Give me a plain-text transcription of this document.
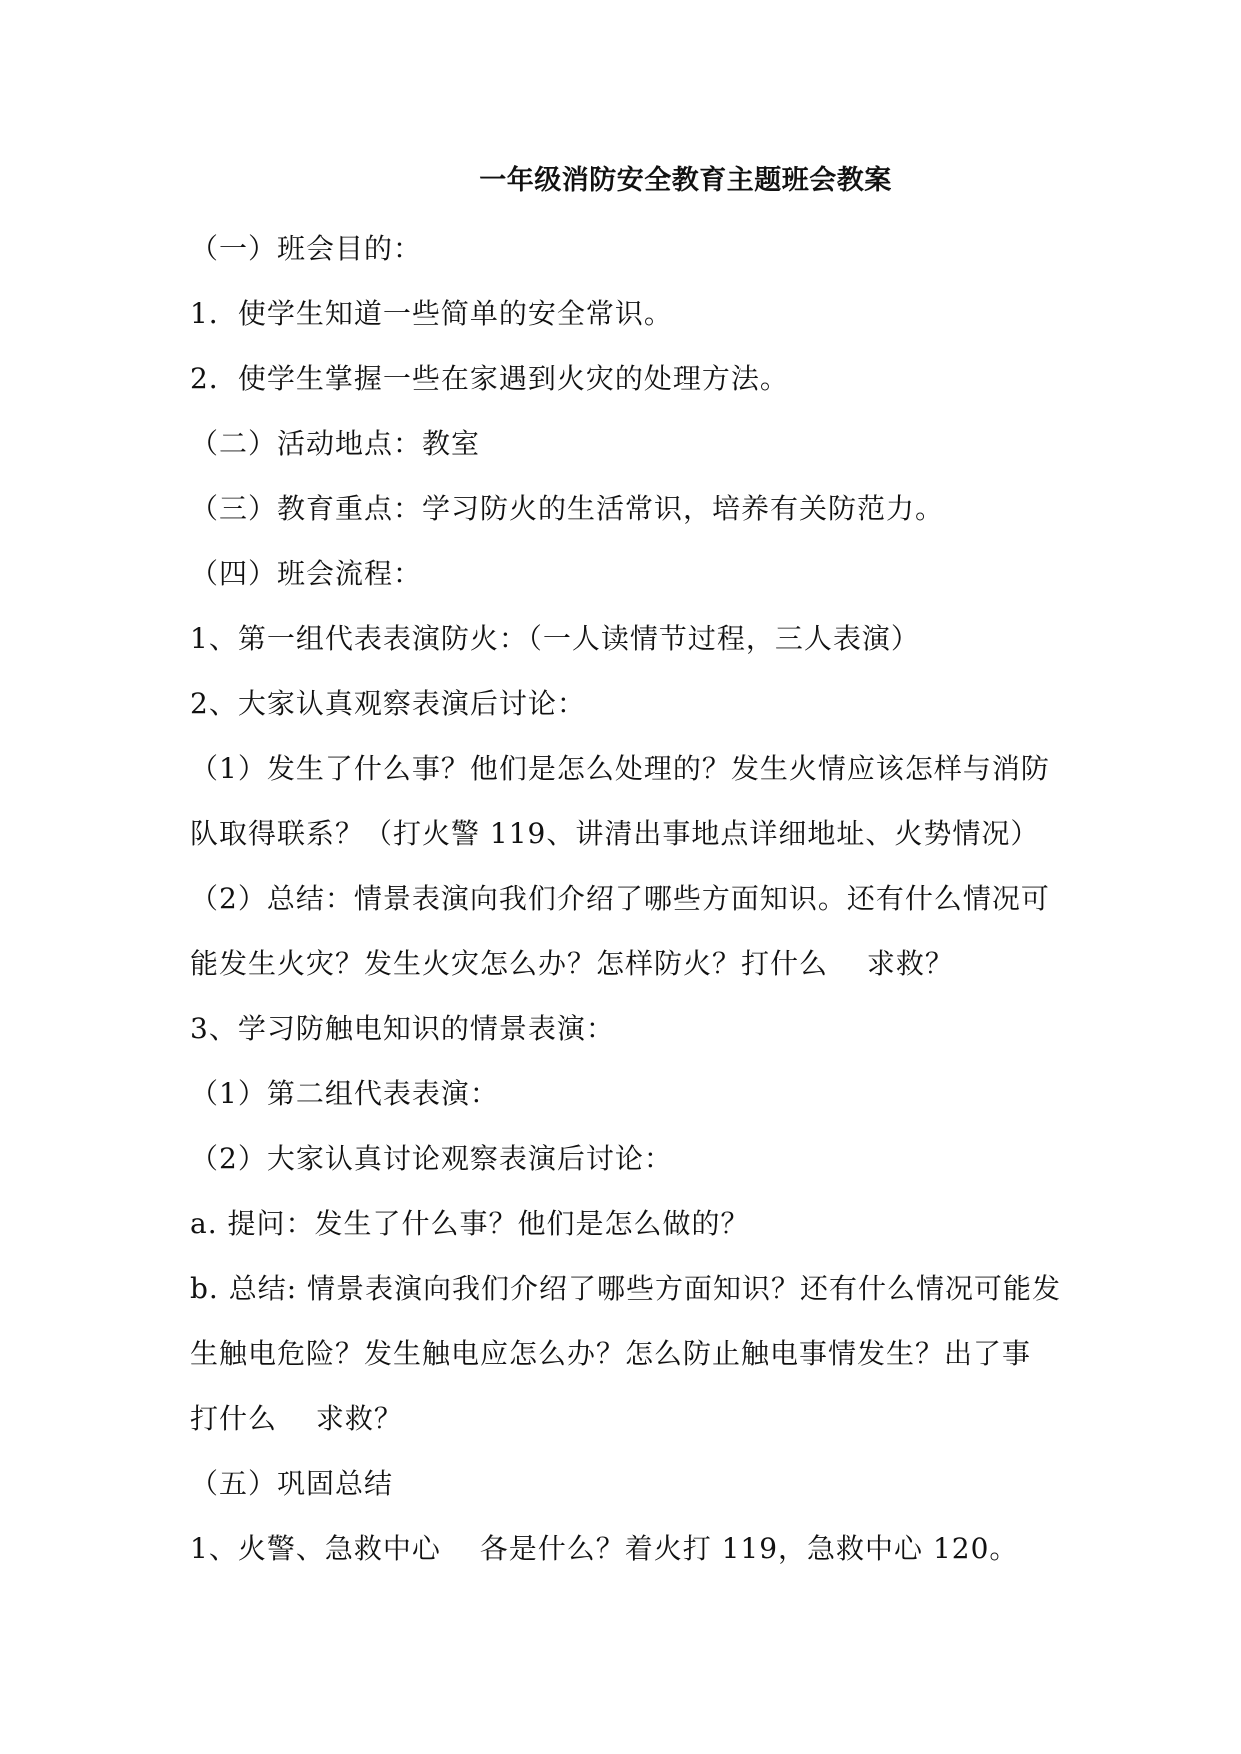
一年级消防安全教育主题班会教案
（一）班会目的：
1．使学生知道一些简单的安全常识。
2．使学生掌握一些在家遇到火灾的处理方法。
（二）活动地点：教室
（三）教育重点：学习防火的生活常识，培养有关防范力。
（四）班会流程：
1、第一组代表表演防火：（一人读情节过程，三人表演）
2、大家认真观察表演后讨论：
（1）发生了什么事？他们是怎么处理的？发生火情应该怎样与消防
队取得联系？（打火警 119、讲清出事地点详细地址、火势情况）
（2）总结：情景表演向我们介绍了哪些方面知识。还有什么情况可
能发生火灾？发生火灾怎么办？怎样防火？打什么　 求救？
3、学习防触电知识的情景表演：
（1）第二组代表表演：
（2）大家认真讨论观察表演后讨论：
a. 提问：发生了什么事？他们是怎么做的？
b. 总结: 情景表演向我们介绍了哪些方面知识？还有什么情况可能发
生触电危险？发生触电应怎么办？怎么防止触电事情发生？出了事
打什么　 求救？
（五）巩固总结
1、火警、急救中心　 各是什么？着火打 119，急救中心 120。
